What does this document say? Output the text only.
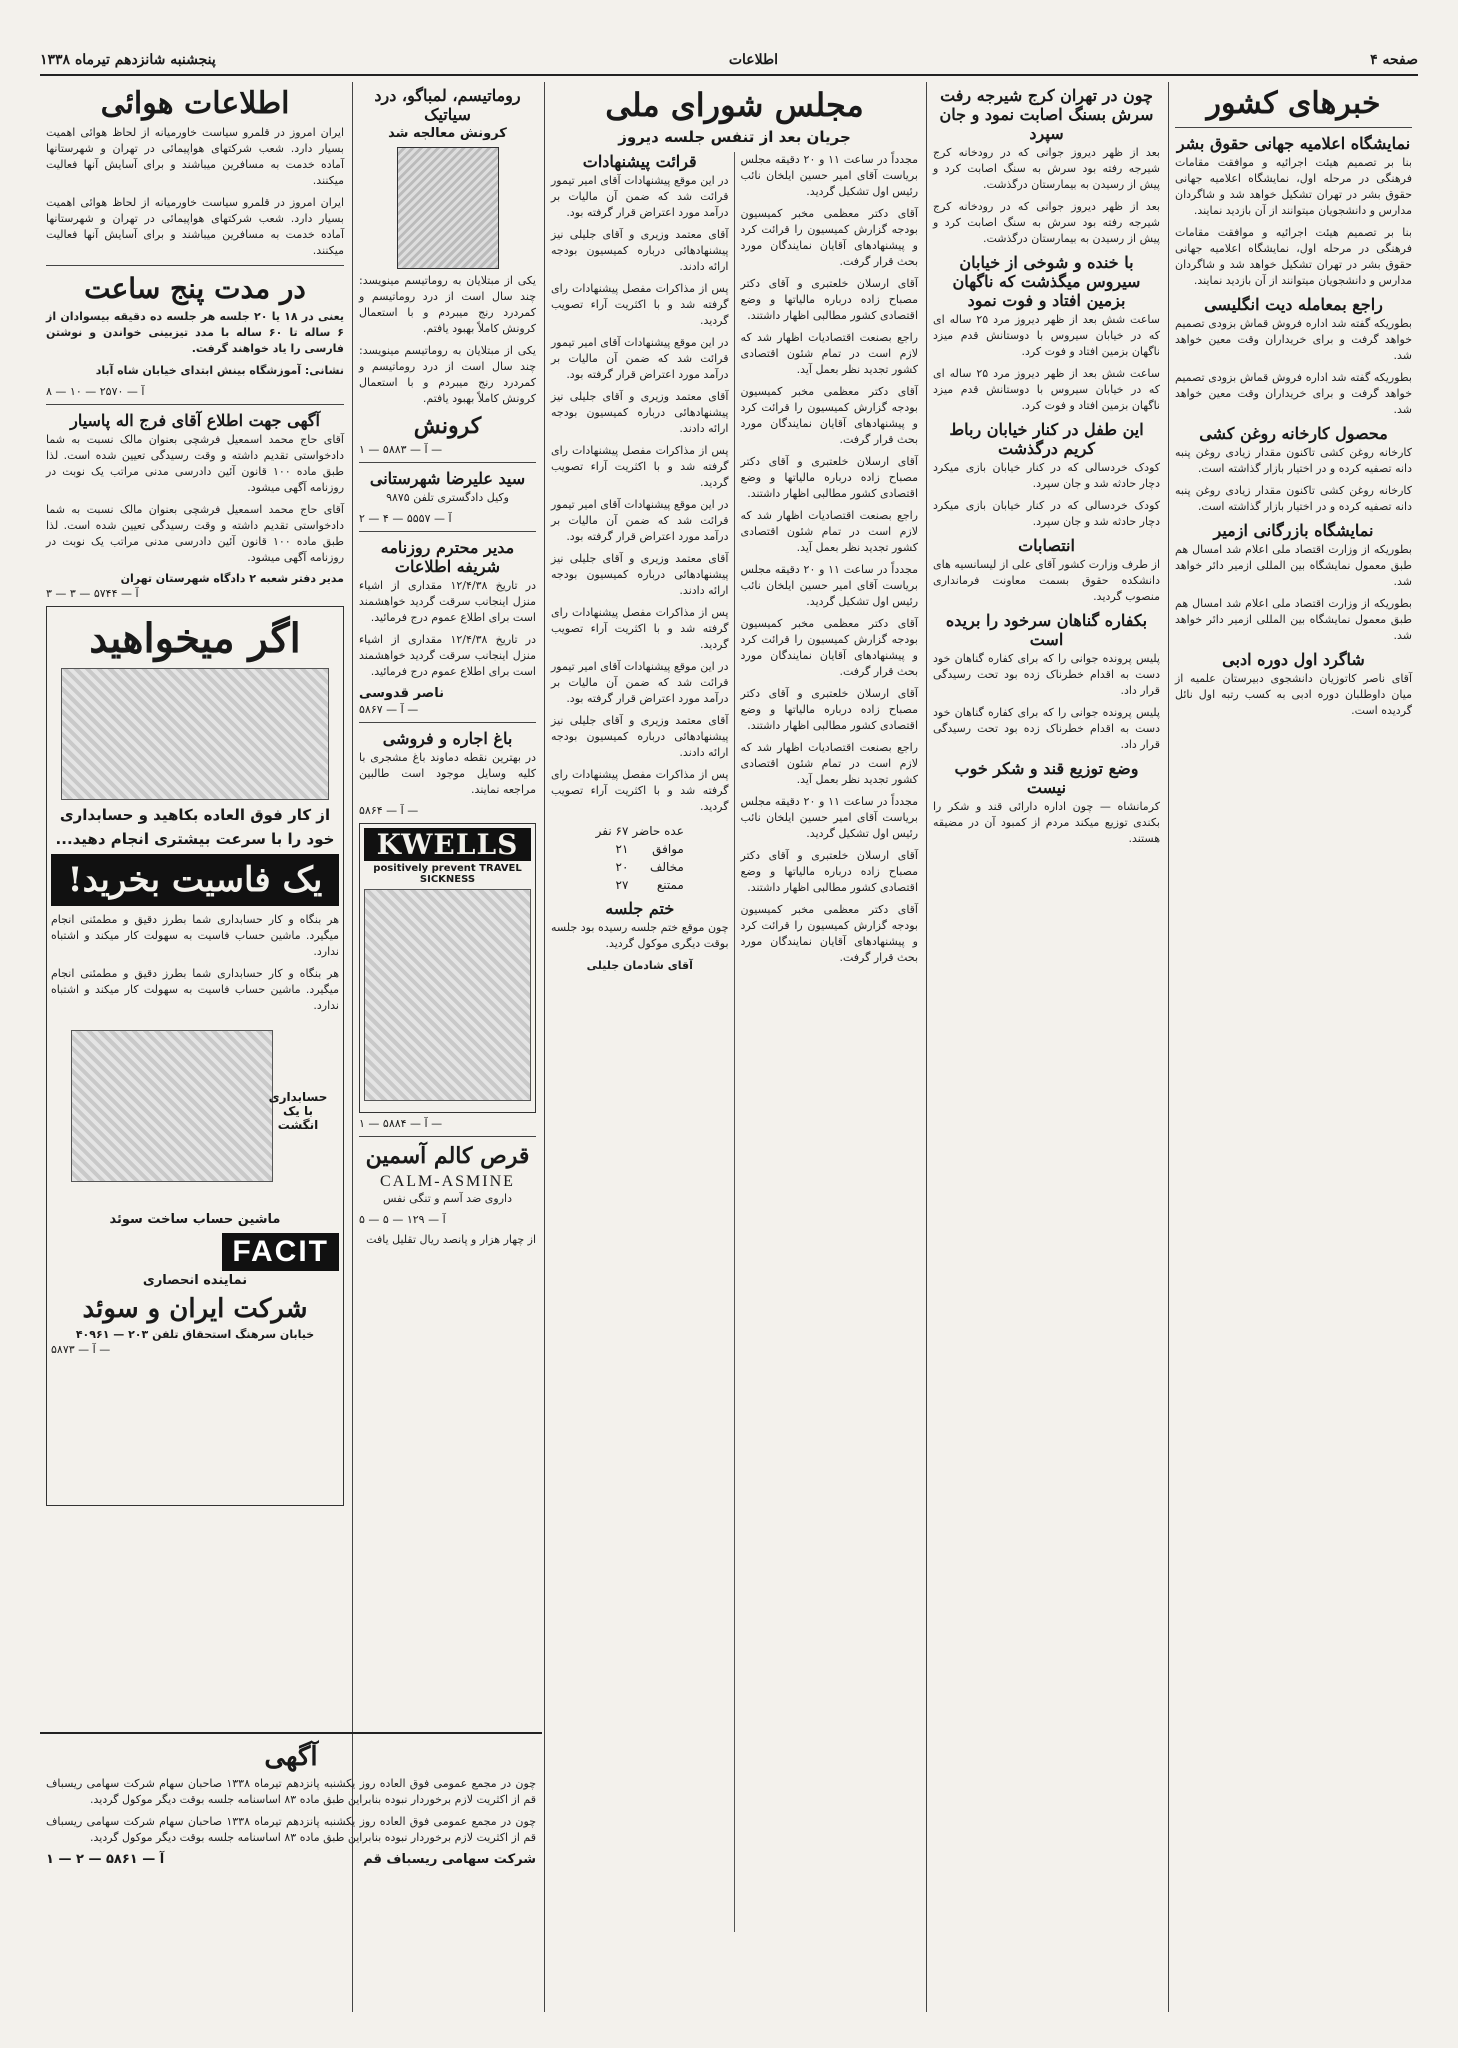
صفحه ۴
اطلاعات
پنجشنبه شانزدهم تیرماه ۱۳۳۸
خبرهای کشور
نمایشگاه اعلامیه جهانی حقوق بشر

بنا بر تصمیم هیئت اجرائیه و موافقت مقامات فرهنگی در مرحله اول، نمایشگاه اعلامیه جهانی حقوق بشر در تهران تشکیل خواهد شد و شاگردان مدارس و دانشجویان میتوانند از آن بازدید نمایند.

بنا بر تصمیم هیئت اجرائیه و موافقت مقامات فرهنگی در مرحله اول، نمایشگاه اعلامیه جهانی حقوق بشر در تهران تشکیل خواهد شد و شاگردان مدارس و دانشجویان میتوانند از آن بازدید نمایند.

راجع بمعامله دیت انگلیسی

بطوریکه گفته شد اداره فروش قماش بزودی تصمیم خواهد گرفت و برای خریداران وقت معین خواهد شد.

بطوریکه گفته شد اداره فروش قماش بزودی تصمیم خواهد گرفت و برای خریداران وقت معین خواهد شد.

محصول کارخانه روغن کشی

کارخانه روغن کشی تاکنون مقدار زیادی روغن پنبه دانه تصفیه کرده و در اختیار بازار گذاشته است.

کارخانه روغن کشی تاکنون مقدار زیادی روغن پنبه دانه تصفیه کرده و در اختیار بازار گذاشته است.

نمایشگاه بازرگانی ازمیر

بطوریکه از وزارت اقتصاد ملی اعلام شد امسال هم طبق معمول نمایشگاه بین المللی ازمیر دائر خواهد شد.

بطوریکه از وزارت اقتصاد ملی اعلام شد امسال هم طبق معمول نمایشگاه بین المللی ازمیر دائر خواهد شد.

شاگرد اول دوره ادبی

آقای ناصر کاتوزیان دانشجوی دبیرستان علمیه از میان داوطلبان دوره ادبی به کسب رتبه اول نائل گردیده است.

چون در تهران کرج شیرجه رفت سرش بسنگ اصابت نمود و جان سپرد

بعد از ظهر دیروز جوانی که در رودخانه کرج شیرجه رفته بود سرش به سنگ اصابت کرد و پیش از رسیدن به بیمارستان درگذشت.

بعد از ظهر دیروز جوانی که در رودخانه کرج شیرجه رفته بود سرش به سنگ اصابت کرد و پیش از رسیدن به بیمارستان درگذشت.

با خنده و شوخی از خیابان سیروس میگذشت که ناگهان بزمین افتاد و فوت نمود

ساعت شش بعد از ظهر دیروز مرد ۲۵ ساله ای که در خیابان سیروس با دوستانش قدم میزد ناگهان بزمین افتاد و فوت کرد.

ساعت شش بعد از ظهر دیروز مرد ۲۵ ساله ای که در خیابان سیروس با دوستانش قدم میزد ناگهان بزمین افتاد و فوت کرد.

این طفل در کنار خیابان رباط کریم درگذشت

کودک خردسالی که در کنار خیابان بازی میکرد دچار حادثه شد و جان سپرد.

کودک خردسالی که در کنار خیابان بازی میکرد دچار حادثه شد و جان سپرد.

انتصابات

از طرف وزارت کشور آقای علی از لیسانسیه های دانشکده حقوق بسمت معاونت فرمانداری منصوب گردید.

بکفاره گناهان سرخود را بریده است

پلیس پرونده جوانی را که برای کفاره گناهان خود دست به اقدام خطرناک زده بود تحت رسیدگی قرار داد.

پلیس پرونده جوانی را که برای کفاره گناهان خود دست به اقدام خطرناک زده بود تحت رسیدگی قرار داد.

وضع توزیع قند و شکر خوب نیست

کرمانشاه — چون اداره دارائی قند و شکر را بکندی توزیع میکند مردم از کمبود آن در مضیقه هستند.

مجلس شورای ملی
جریان بعد از تنفس جلسه دیروز

مجدداً در ساعت ۱۱ و ۲۰ دقیقه مجلس بریاست آقای امیر حسین ایلخان نائب رئیس اول تشکیل گردید.

آقای دکتر معظمی مخبر کمیسیون بودجه گزارش کمیسیون را قرائت کرد و پیشنهادهای آقایان نمایندگان مورد بحث قرار گرفت.

آقای ارسلان خلعتبری و آقای دکتر مصباح زاده درباره مالیاتها و وضع اقتصادی کشور مطالبی اظهار داشتند.

راجع بصنعت اقتصادیات اظهار شد که لازم است در تمام شئون اقتصادی کشور تجدید نظر بعمل آید.

آقای دکتر معظمی مخبر کمیسیون بودجه گزارش کمیسیون را قرائت کرد و پیشنهادهای آقایان نمایندگان مورد بحث قرار گرفت.

آقای ارسلان خلعتبری و آقای دکتر مصباح زاده درباره مالیاتها و وضع اقتصادی کشور مطالبی اظهار داشتند.

راجع بصنعت اقتصادیات اظهار شد که لازم است در تمام شئون اقتصادی کشور تجدید نظر بعمل آید.

مجدداً در ساعت ۱۱ و ۲۰ دقیقه مجلس بریاست آقای امیر حسین ایلخان نائب رئیس اول تشکیل گردید.

آقای دکتر معظمی مخبر کمیسیون بودجه گزارش کمیسیون را قرائت کرد و پیشنهادهای آقایان نمایندگان مورد بحث قرار گرفت.

آقای ارسلان خلعتبری و آقای دکتر مصباح زاده درباره مالیاتها و وضع اقتصادی کشور مطالبی اظهار داشتند.

راجع بصنعت اقتصادیات اظهار شد که لازم است در تمام شئون اقتصادی کشور تجدید نظر بعمل آید.

مجدداً در ساعت ۱۱ و ۲۰ دقیقه مجلس بریاست آقای امیر حسین ایلخان نائب رئیس اول تشکیل گردید.

آقای ارسلان خلعتبری و آقای دکتر مصباح زاده درباره مالیاتها و وضع اقتصادی کشور مطالبی اظهار داشتند.

آقای دکتر معظمی مخبر کمیسیون بودجه گزارش کمیسیون را قرائت کرد و پیشنهادهای آقایان نمایندگان مورد بحث قرار گرفت.

قرائت پیشنهادات

در این موقع پیشنهادات آقای امیر تیمور قرائت شد که ضمن آن مالیات بر درآمد مورد اعتراض قرار گرفته بود.

آقای معتمد وزیری و آقای جلیلی نیز پیشنهادهائی درباره کمیسیون بودجه ارائه دادند.

پس از مذاکرات مفصل پیشنهادات رای گرفته شد و با اکثریت آراء تصویب گردید.

در این موقع پیشنهادات آقای امیر تیمور قرائت شد که ضمن آن مالیات بر درآمد مورد اعتراض قرار گرفته بود.

آقای معتمد وزیری و آقای جلیلی نیز پیشنهادهائی درباره کمیسیون بودجه ارائه دادند.

پس از مذاکرات مفصل پیشنهادات رای گرفته شد و با اکثریت آراء تصویب گردید.

در این موقع پیشنهادات آقای امیر تیمور قرائت شد که ضمن آن مالیات بر درآمد مورد اعتراض قرار گرفته بود.

آقای معتمد وزیری و آقای جلیلی نیز پیشنهادهائی درباره کمیسیون بودجه ارائه دادند.

پس از مذاکرات مفصل پیشنهادات رای گرفته شد و با اکثریت آراء تصویب گردید.

در این موقع پیشنهادات آقای امیر تیمور قرائت شد که ضمن آن مالیات بر درآمد مورد اعتراض قرار گرفته بود.

آقای معتمد وزیری و آقای جلیلی نیز پیشنهادهائی درباره کمیسیون بودجه ارائه دادند.

پس از مذاکرات مفصل پیشنهادات رای گرفته شد و با اکثریت آراء تصویب گردید.

عده حاضر	۶۷ نفر
موافق	۲۱
مخالف	۲۰
ممتنع	۲۷
ختم جلسه

چون موقع ختم جلسه رسیده بود جلسه بوقت دیگری موکول گردید.

آقای شادمان جلیلی

روماتیسم، لمباگو، درد سیاتیک
کرونش معالجه شد

یکی از مبتلایان به روماتیسم مینویسد: چند سال است از درد روماتیسم و کمردرد رنج میبردم و با استعمال کرونش کاملاً بهبود یافتم.

یکی از مبتلایان به روماتیسم مینویسد: چند سال است از درد روماتیسم و کمردرد رنج میبردم و با استعمال کرونش کاملاً بهبود یافتم.

کرونش
آ — ۵۸۸۳ — ۱ —
سید علیرضا شهرستانی

وکیل دادگستری تلفن ۹۸۷۵

آ — ۵۵۵۷ — ۴ — ۲
مدیر محترم روزنامه شریفه اطلاعات

در تاریخ ۱۲/۴/۳۸ مقداری از اشیاء منزل اینجانب سرقت گردید خواهشمند است برای اطلاع عموم درج فرمائید.

در تاریخ ۱۲/۴/۳۸ مقداری از اشیاء منزل اینجانب سرقت گردید خواهشمند است برای اطلاع عموم درج فرمائید.

ناصر قدوسی
آ — ۵۸۶۷ —
باغ اجاره و فروشی

در بهترین نقطه دماوند باغ مشجری با کلیه وسایل موجود است طالبین مراجعه نمایند.

آ — ۵۸۶۴ —
KWELLS
positively prevent TRAVEL SICKNESS
آ — ۵۸۸۴ — ۱ —
قرص کالم آسمین
CALM-ASMINE

داروی ضد آسم و تنگی نفس

آ — ۱۲۹ — ۵ — ۵

از چهار هزار و پانصد ریال تقلیل یافت

اطلاعات هوائی

ایران امروز در قلمرو سیاست خاورمیانه از لحاظ هوائی اهمیت بسیار دارد. شعب شرکتهای هواپیمائی در تهران و شهرستانها آماده خدمت به مسافرین میباشند و برای آسایش آنها فعالیت میکنند.

ایران امروز در قلمرو سیاست خاورمیانه از لحاظ هوائی اهمیت بسیار دارد. شعب شرکتهای هواپیمائی در تهران و شهرستانها آماده خدمت به مسافرین میباشند و برای آسایش آنها فعالیت میکنند.

در مدت پنج ساعت

یعنی در ۱۸ یا ۲۰ جلسه هر جلسه ده دقیقه بیسوادان از ۶ ساله تا ۶۰ ساله با مدد تیزبینی خواندن و نوشتن فارسی را یاد خواهند گرفت.

نشانی: آموزشگاه بینش ابتدای خیابان شاه آباد

آ — ۲۵۷۰ — ۱۰ — ۸
آگهی جهت اطلاع آقای فرج اله پاسیار

آقای حاج محمد اسمعیل فرشچی بعنوان مالک نسبت به شما دادخواستی تقدیم داشته و وقت رسیدگی تعیین شده است. لذا طبق ماده ۱۰۰ قانون آئین دادرسی مدنی مراتب یک نوبت در روزنامه آگهی میشود.

آقای حاج محمد اسمعیل فرشچی بعنوان مالک نسبت به شما دادخواستی تقدیم داشته و وقت رسیدگی تعیین شده است. لذا طبق ماده ۱۰۰ قانون آئین دادرسی مدنی مراتب یک نوبت در روزنامه آگهی میشود.

مدیر دفتر شعبه ۲ دادگاه شهرستان تهران
آ — ۵۷۴۴ — ۳ — ۳
اگر میخواهید
از کار فوق العاده بکاهید و حسابداری
خود را با سرعت بیشتری انجام دهید...
یک فاسیت بخرید!

هر بنگاه و کار حسابداری شما بطرز دقیق و مطمئنی انجام میگیرد. ماشین حساب فاسیت به سهولت کار میکند و اشتباه ندارد.

هر بنگاه و کار حسابداری شما بطرز دقیق و مطمئنی انجام میگیرد. ماشین حساب فاسیت به سهولت کار میکند و اشتباه ندارد.

حسابداری با یک انگشت
ماشین حساب ساخت سوئد
FACIT
نماینده انحصاری
شرکت ایران و سوئد
خیابان سرهنگ استحقاق تلفن ۲۰۳ — ۴۰۹۶۱
آ — ۵۸۷۳ —
آگهی

چون در مجمع عمومی فوق العاده روز یکشنبه پانزدهم تیرماه ۱۳۳۸ صاحبان سهام شرکت سهامی ریسباف قم از اکثریت لازم برخوردار نبوده بنابراین طبق ماده ۸۳ اساسنامه جلسه بوقت دیگر موکول گردید.

چون در مجمع عمومی فوق العاده روز یکشنبه پانزدهم تیرماه ۱۳۳۸ صاحبان سهام شرکت سهامی ریسباف قم از اکثریت لازم برخوردار نبوده بنابراین طبق ماده ۸۳ اساسنامه جلسه بوقت دیگر موکول گردید.

شرکت سهامی ریسباف قم
آ — ۵۸۶۱ — ۲ — ۱
